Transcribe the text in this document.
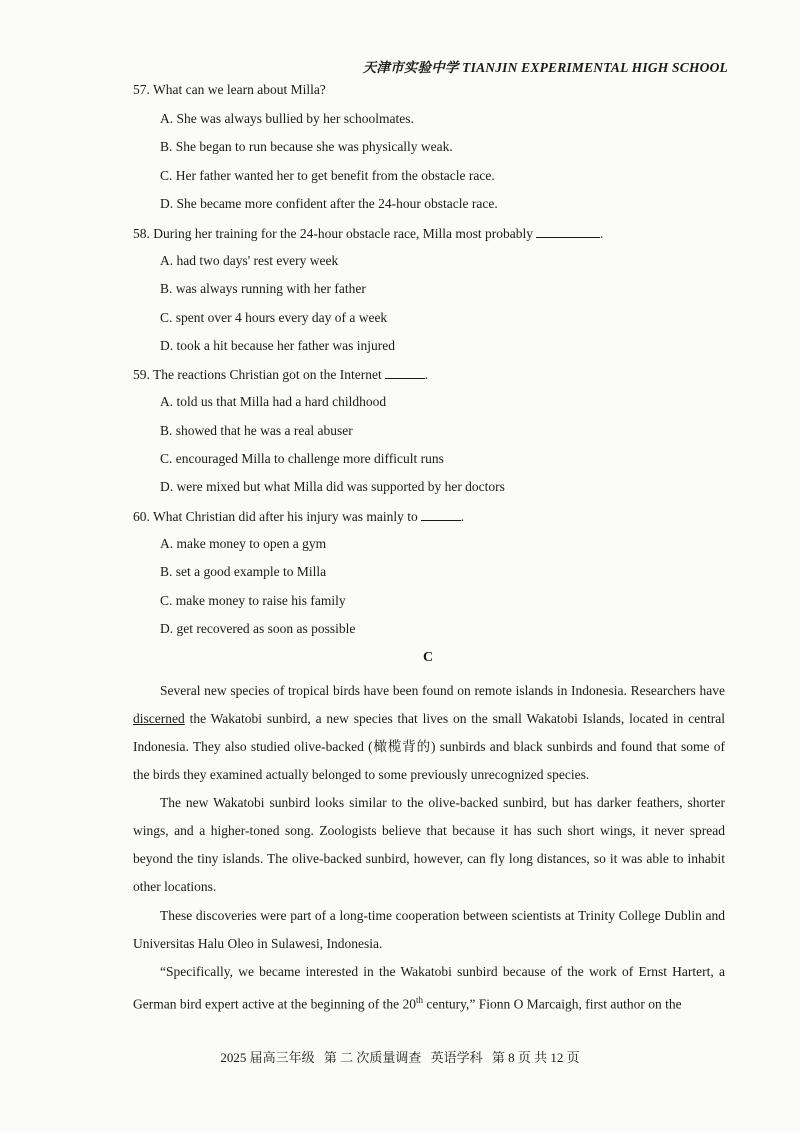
天津市实验中学 TIANJIN EXPERIMENTAL HIGH SCHOOL
57. What can we learn about Milla?
A. She was always bullied by her schoolmates.
B. She began to run because she was physically weak.
C. Her father wanted her to get benefit from the obstacle race.
D. She became more confident after the 24-hour obstacle race.
58. During her training for the 24-hour obstacle race, Milla most probably	.
A. had two days' rest every week
B. was always running with her father
C. spent over 4 hours every day of a week
D. took a hit because her father was injured
59. The reactions Christian got on the Internet	.
A. told us that Milla had a hard childhood
B. showed that he was a real abuser
C. encouraged Milla to challenge more difficult runs
D. were mixed but what Milla did was supported by her doctors
60. What Christian did after his injury was mainly to	.
A. make money to open a gym
B. set a good example to Milla
C. make money to raise his family
D. get recovered as soon as possible
C
Several new species of tropical birds have been found on remote islands in Indonesia. Researchers have discerned the Wakatobi sunbird, a new species that lives on the small Wakatobi Islands, located in central Indonesia. They also studied olive-backed (橄榄背的) sunbirds and black sunbirds and found that some of the birds they examined actually belonged to some previously unrecognized species.
The new Wakatobi sunbird looks similar to the olive-backed sunbird, but has darker feathers, shorter wings, and a higher-toned song. Zoologists believe that because it has such short wings, it never spread beyond the tiny islands. The olive-backed sunbird, however, can fly long distances, so it was able to inhabit other locations.
These discoveries were part of a long-time cooperation between scientists at Trinity College Dublin and Universitas Halu Oleo in Sulawesi, Indonesia.
“Specifically, we became interested in the Wakatobi sunbird because of the work of Ernst Hartert, a German bird expert active at the beginning of the 20th century,” Fionn O Marcaigh, first author on the
2025 届高三年级 第 二 次质量调查 英语学科 第 8 页 共 12 页
